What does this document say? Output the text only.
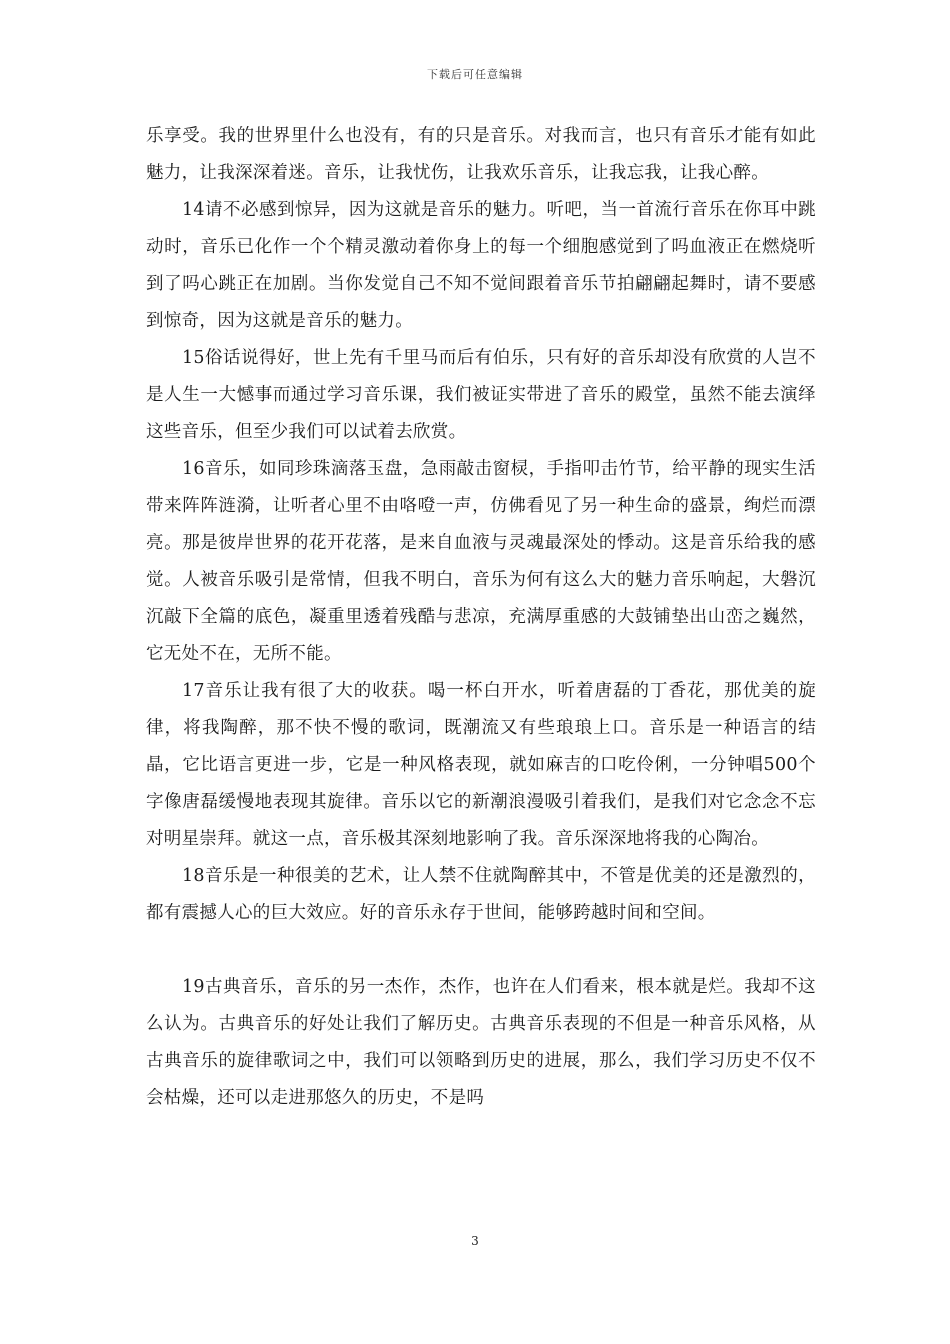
下载后可任意编辑

乐享受。我的世界里什么也没有，有的只是音乐。对我而言，也只有音乐才能有如此魅力，让我深深着迷。音乐，让我忧伤，让我欢乐音乐，让我忘我，让我心醉。

14请不必感到惊异，因为这就是音乐的魅力。听吧，当一首流行音乐在你耳中跳动时，音乐已化作一个个精灵激动着你身上的每一个细胞感觉到了吗血液正在燃烧听到了吗心跳正在加剧。当你发觉自己不知不觉间跟着音乐节拍翩翩起舞时，请不要感到惊奇，因为这就是音乐的魅力。

15俗话说得好，世上先有千里马而后有伯乐，只有好的音乐却没有欣赏的人岂不是人生一大憾事而通过学习音乐课，我们被证实带进了音乐的殿堂，虽然不能去演绎这些音乐，但至少我们可以试着去欣赏。

16音乐，如同珍珠滴落玉盘，急雨敲击窗棂，手指叩击竹节，给平静的现实生活带来阵阵涟漪，让听者心里不由咯噔一声，仿佛看见了另一种生命的盛景，绚烂而漂亮。那是彼岸世界的花开花落，是来自血液与灵魂最深处的悸动。这是音乐给我的感觉。人被音乐吸引是常情，但我不明白，音乐为何有这么大的魅力音乐响起，大磐沉沉敲下全篇的底色，凝重里透着残酷与悲凉，充满厚重感的大鼓铺垫出山峦之巍然，它无处不在，无所不能。

17音乐让我有很了大的收获。喝一杯白开水，听着唐磊的丁香花，那优美的旋律，将我陶醉，那不快不慢的歌词，既潮流又有些琅琅上口。音乐是一种语言的结晶，它比语言更进一步，它是一种风格表现，就如麻吉的口吃伶俐，一分钟唱500个字像唐磊缓慢地表现其旋律。音乐以它的新潮浪漫吸引着我们，是我们对它念念不忘对明星崇拜。就这一点，音乐极其深刻地影响了我。音乐深深地将我的心陶冶。

18音乐是一种很美的艺术，让人禁不住就陶醉其中，不管是优美的还是激烈的，都有震撼人心的巨大效应。好的音乐永存于世间，能够跨越时间和空间。

19古典音乐，音乐的另一杰作，杰作，也许在人们看来，根本就是烂。我却不这么认为。古典音乐的好处让我们了解历史。古典音乐表现的不但是一种音乐风格，从古典音乐的旋律歌词之中，我们可以领略到历史的进展，那么，我们学习历史不仅不会枯燥，还可以走进那悠久的历史，不是吗

3
